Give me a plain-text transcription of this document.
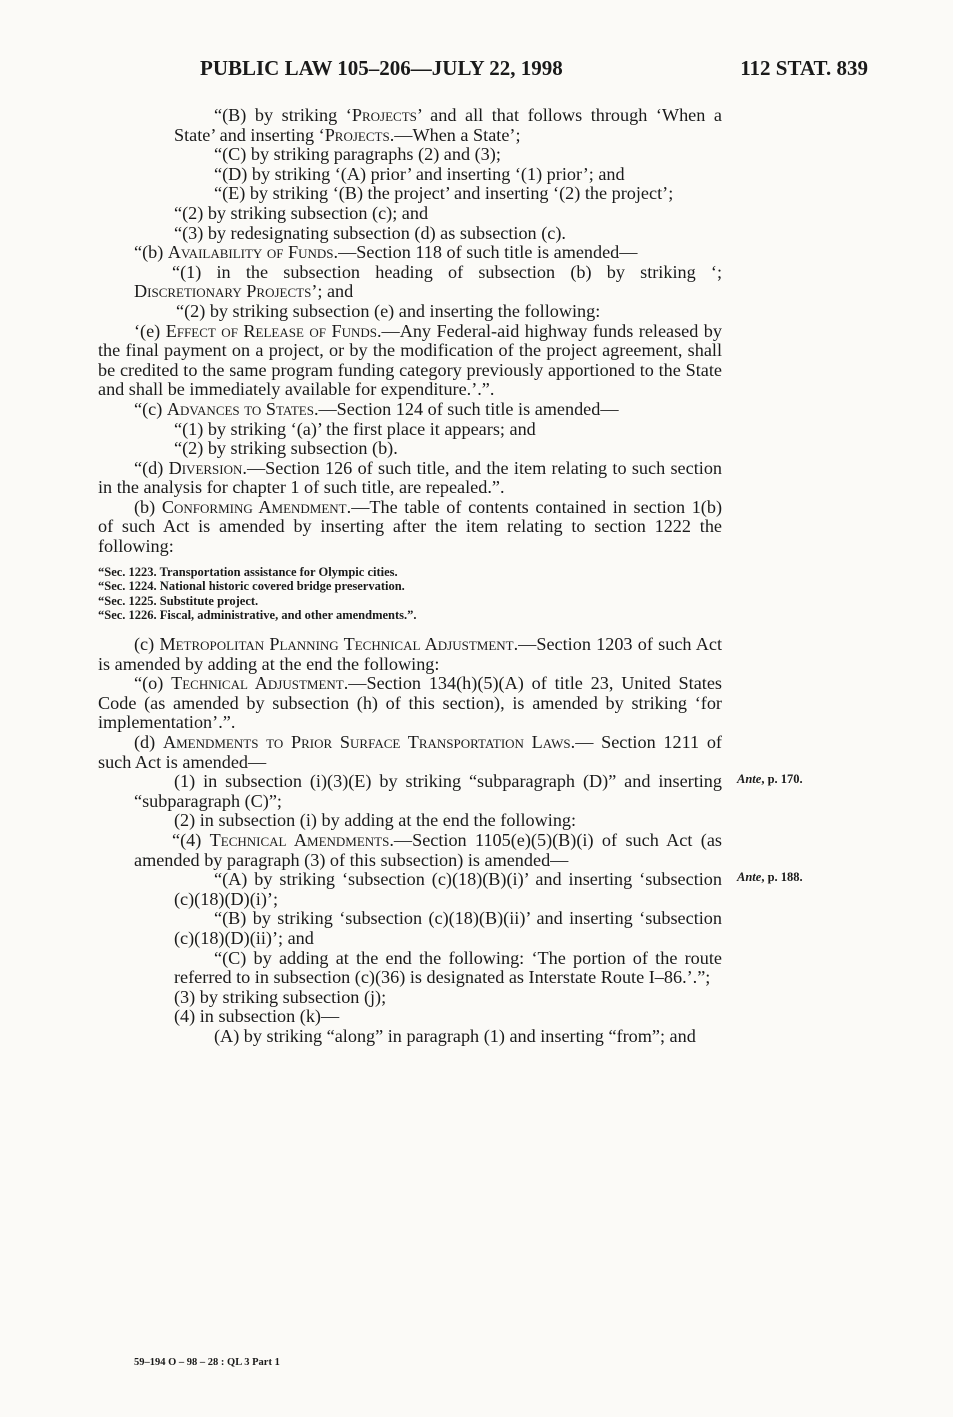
PUBLIC LAW 105–206—JULY 22, 1998	112 STAT. 839

“(B) by striking ‘Projects’ and all that follows through ‘When a State’ and inserting ‘Projects.—When a State’;

“(C) by striking paragraphs (2) and (3);

“(D) by striking ‘(A) prior’ and inserting ‘(1) prior’; and

“(E) by striking ‘(B) the project’ and inserting ‘(2) the project’;

“(2) by striking subsection (c); and

“(3) by redesignating subsection (d) as subsection (c).

“(b) Availability of Funds.—Section 118 of such title is amended—

“(1) in the subsection heading of subsection (b) by striking ‘; Discretionary Projects’; and

“(2) by striking subsection (e) and inserting the following:

‘(e) Effect of Release of Funds.—Any Federal-aid highway funds released by the final payment on a project, or by the modification of the project agreement, shall be credited to the same program funding category previously apportioned to the State and shall be immediately available for expenditure.’.”.

“(c) Advances to States.—Section 124 of such title is amended—

“(1) by striking ‘(a)’ the first place it appears; and

“(2) by striking subsection (b).

“(d) Diversion.—Section 126 of such title, and the item relating to such section in the analysis for chapter 1 of such title, are repealed.”.

(b) Conforming Amendment.—The table of contents contained in section 1(b) of such Act is amended by inserting after the item relating to section 1222 the following:

“Sec. 1223. Transportation assistance for Olympic cities.
“Sec. 1224. National historic covered bridge preservation.
“Sec. 1225. Substitute project.
“Sec. 1226. Fiscal, administrative, and other amendments.”.

(c) Metropolitan Planning Technical Adjustment.—Section 1203 of such Act is amended by adding at the end the following:

“(o) Technical Adjustment.—Section 134(h)(5)(A) of title 23, United States Code (as amended by subsection (h) of this section), is amended by striking ‘for implementation’.”.

(d) Amendments to Prior Surface Transportation Laws.— Section 1211 of such Act is amended—

(1) in subsection (i)(3)(E) by striking “subparagraph (D)” and inserting “subparagraph (C)”;

(2) in subsection (i) by adding at the end the following:

“(4) Technical Amendments.—Section 1105(e)(5)(B)(i) of such Act (as amended by paragraph (3) of this subsection) is amended—

“(A) by striking ‘subsection (c)(18)(B)(i)’ and inserting ‘subsection (c)(18)(D)(i)’;

“(B) by striking ‘subsection (c)(18)(B)(ii)’ and inserting ‘subsection (c)(18)(D)(ii)’; and

“(C) by adding at the end the following: ‘The portion of the route referred to in subsection (c)(36) is designated as Interstate Route I–86.’.”;

(3) by striking subsection (j);

(4) in subsection (k)—

(A) by striking “along” in paragraph (1) and inserting “from”; and

Ante, p. 170.
Ante, p. 188.
59–194 O – 98 – 28 : QL 3 Part 1
